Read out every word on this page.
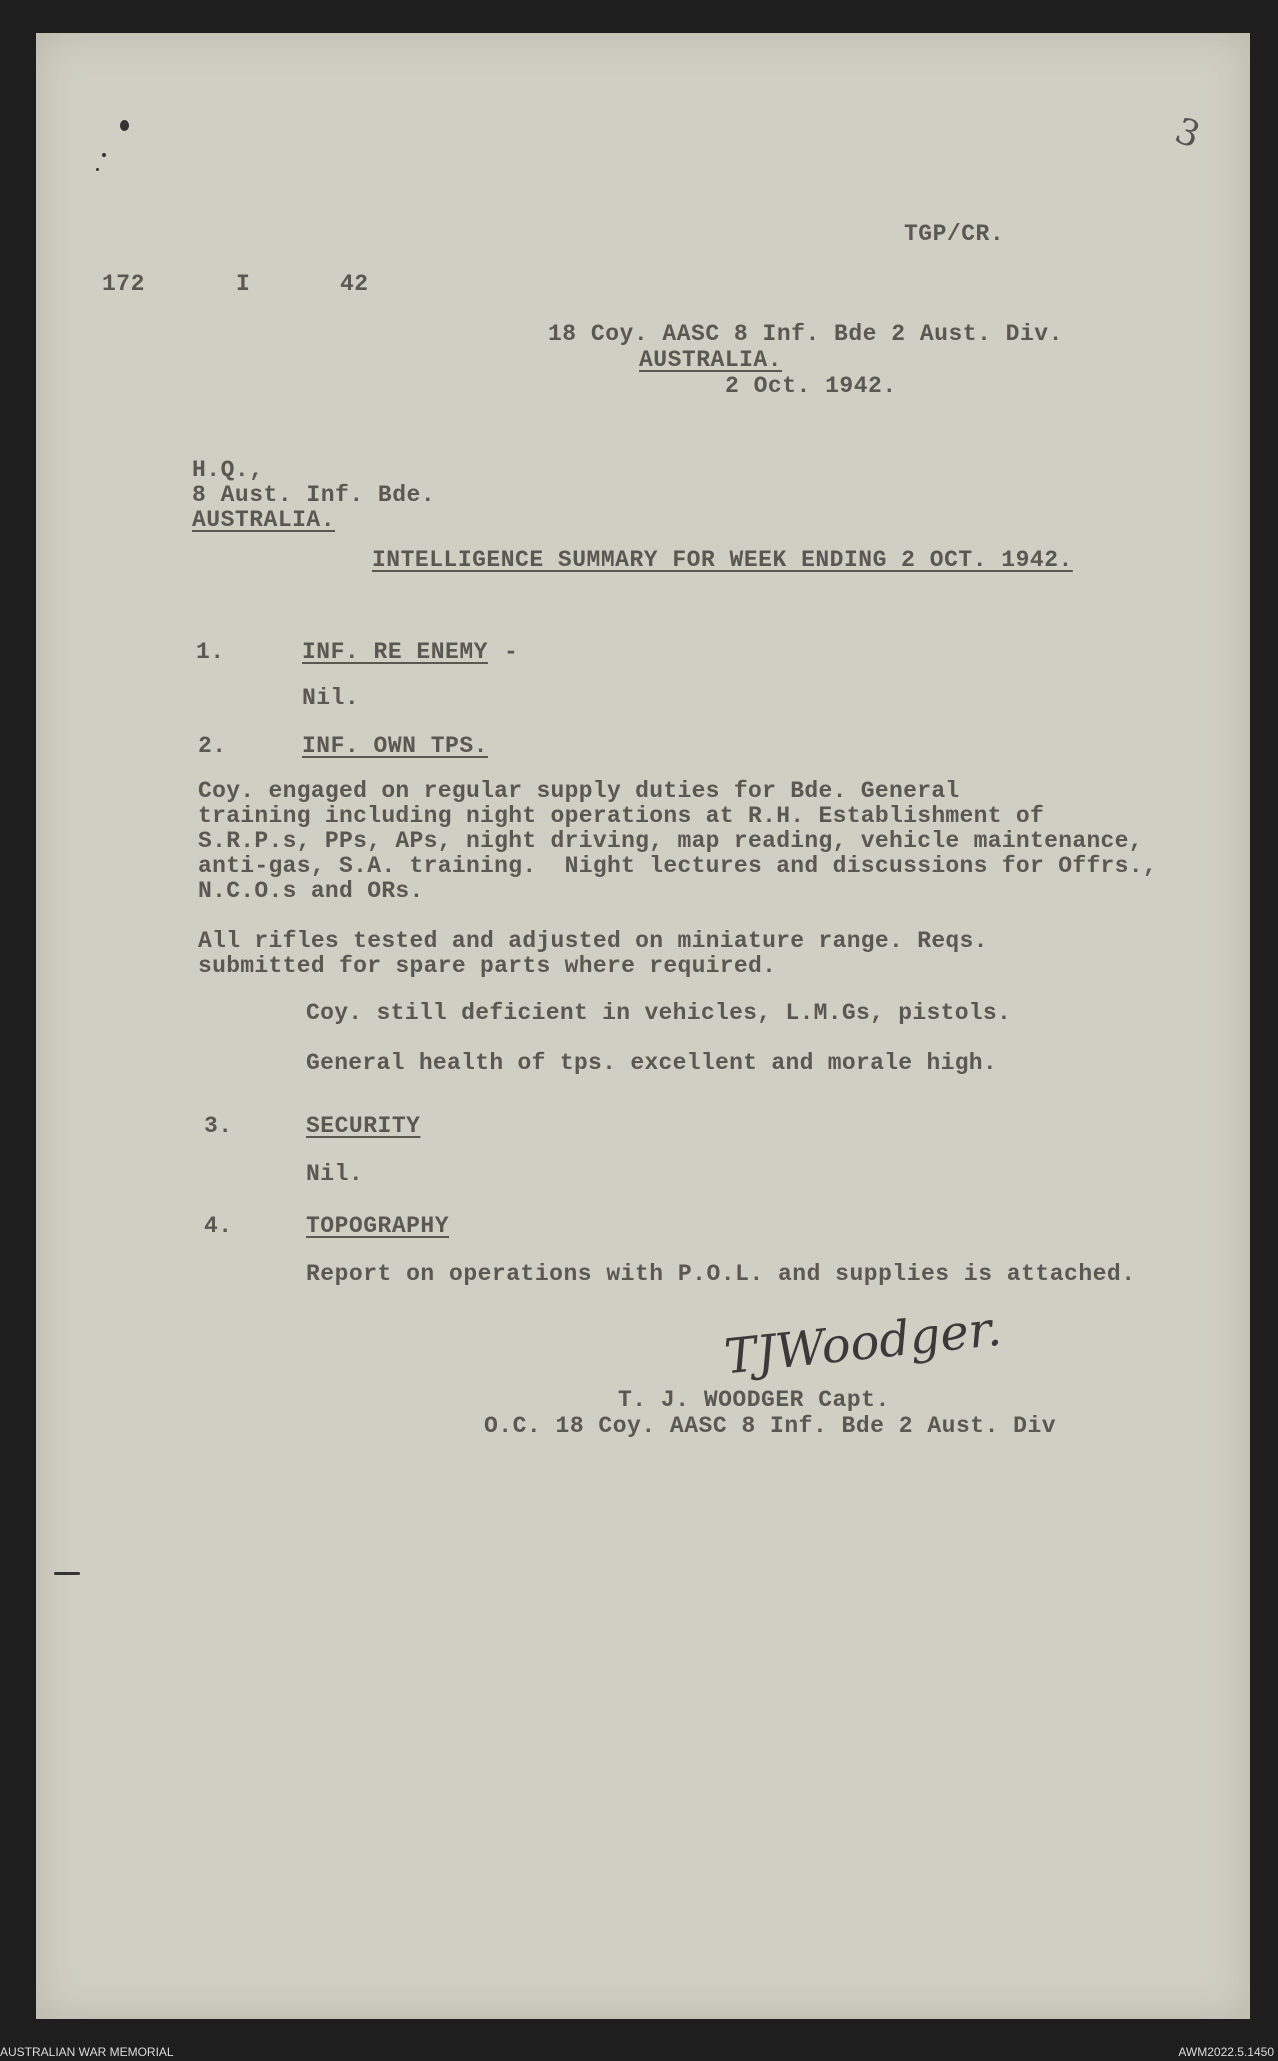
3
TGP/CR.
172	I	42
18 Coy. AASC 8 Inf. Bde 2 Aust. Div.
AUSTRALIA.
2 Oct. 1942.
H.Q.,
8 Aust. Inf. Bde.
AUSTRALIA.
INTELLIGENCE SUMMARY FOR WEEK ENDING 2 OCT. 1942.
1.	INF. RE ENEMY -
Nil.
2.	INF. OWN TPS.
Coy. engaged on regular supply duties for Bde. General
training including night operations at R.H. Establishment of
S.R.P.s, PPs, APs, night driving, map reading, vehicle maintenance,
anti-gas, S.A. training.  Night lectures and discussions for Offrs.,
N.C.O.s and ORs.
All rifles tested and adjusted on miniature range. Reqs.
submitted for spare parts where required.
Coy. still deficient in vehicles, L.M.Gs, pistols.
General health of tps. excellent and morale high.
3.	SECURITY
Nil.
4.	TOPOGRAPHY
Report on operations with P.O.L. and supplies is attached.
TJWoodger.
T. J. WOODGER Capt.
O.C. 18 Coy. AASC 8 Inf. Bde 2 Aust. Div
AUSTRALIAN WAR MEMORIAL	AWM2022.5.1450
